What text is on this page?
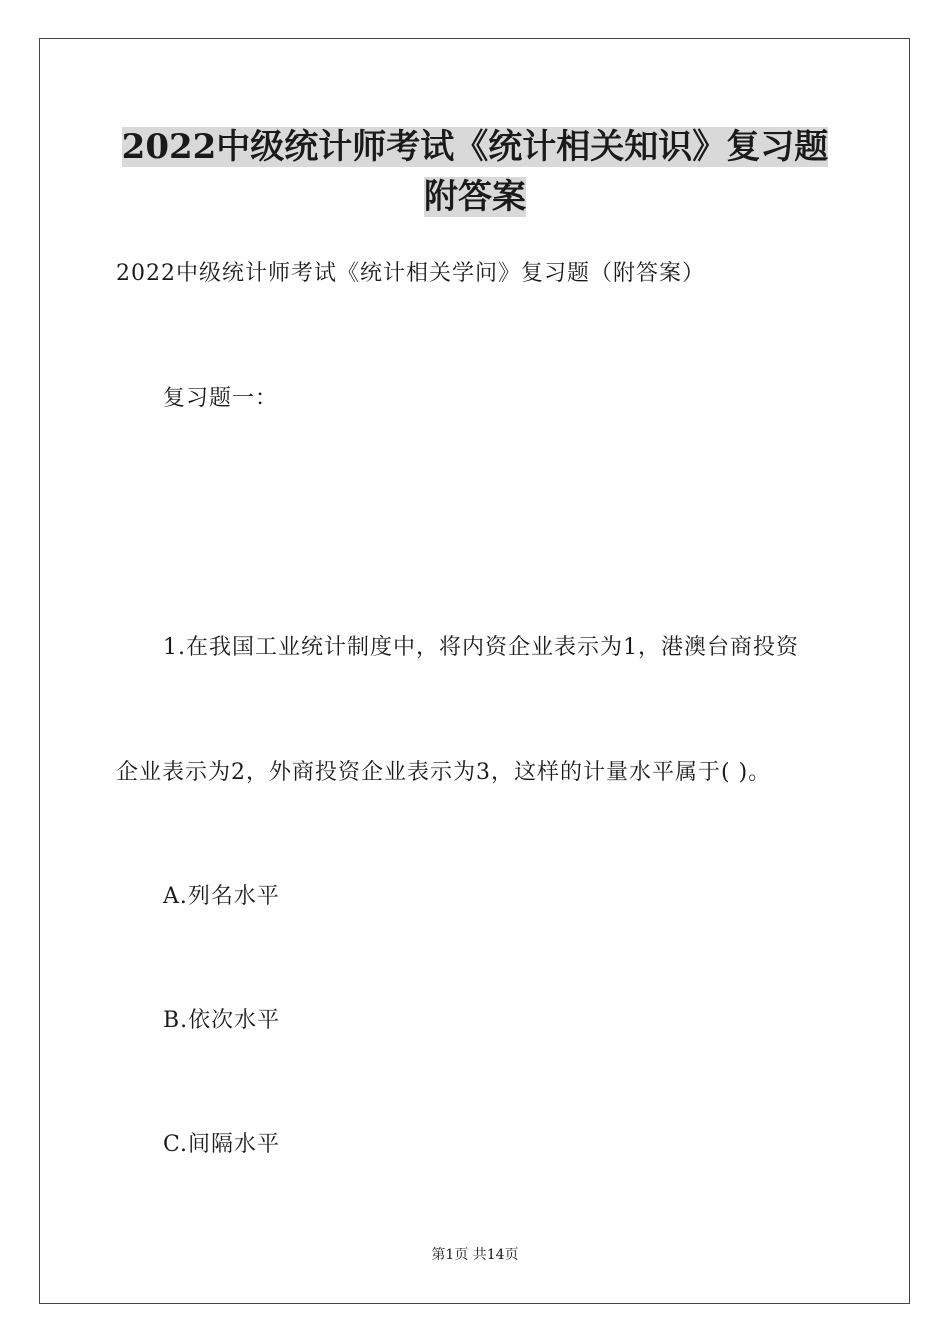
2022中级统计师考试《统计相关知识》复习题
附答案

2022中级统计师考试《统计相关学问》复习题（附答案）

复习题一：

1.在我国工业统计制度中，将内资企业表示为1，港澳台商投资

企业表示为2，外商投资企业表示为3，这样的计量水平属于( )。

A.列名水平

B.依次水平

C.间隔水平

第1页 共14页
